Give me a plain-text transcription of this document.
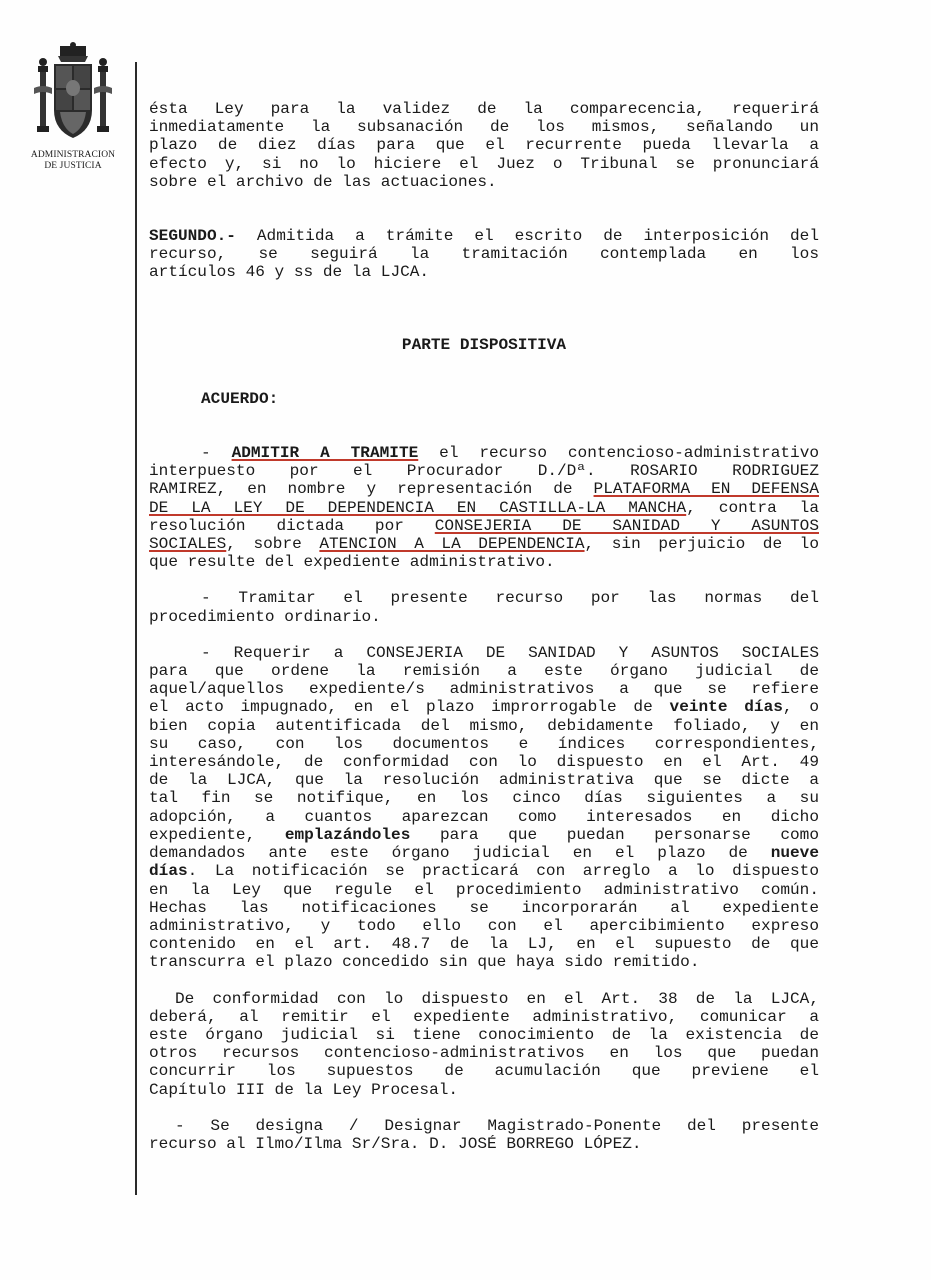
ADMINISTRACION
DE JUSTICIA
ésta Ley para la validez de la comparecencia, requerirá
inmediatamente la subsanación de los mismos, señalando un
plazo de diez días para que el recurrente pueda llevarla a
efecto y, si no lo hiciere el Juez o Tribunal se pronunciará
sobre el archivo de las actuaciones.
SEGUNDO.- Admitida a trámite el escrito de interposición del
recurso, se seguirá la tramitación contemplada en los
artículos 46 y ss de la LJCA.
PARTE DISPOSITIVA
ACUERDO:
- ADMITIR A TRAMITE el recurso contencioso-administrativo
interpuesto por el Procurador D./Dª. ROSARIO RODRIGUEZ
RAMIREZ, en nombre y representación de PLATAFORMA EN DEFENSA
DE LA LEY DE DEPENDENCIA EN CASTILLA-LA MANCHA, contra la
resolución dictada por CONSEJERIA DE SANIDAD Y ASUNTOS
SOCIALES, sobre ATENCION A LA DEPENDENCIA, sin perjuicio de lo
que resulte del expediente administrativo.
- Tramitar el presente recurso por las normas del
procedimiento ordinario.
- Requerir a CONSEJERIA DE SANIDAD Y ASUNTOS SOCIALES
para que ordene la remisión a este órgano judicial de
aquel/aquellos expediente/s administrativos a que se refiere
el acto impugnado, en el plazo improrrogable de veinte días, o
bien copia autentificada del mismo, debidamente foliado, y en
su caso, con los documentos e índices correspondientes,
interesándole, de conformidad con lo dispuesto en el Art. 49
de la LJCA, que la resolución administrativa que se dicte a
tal fin se notifique, en los cinco días siguientes a su
adopción, a cuantos aparezcan como interesados en dicho
expediente, emplazándoles para que puedan personarse como
demandados ante este órgano judicial en el plazo de nueve
días. La notificación se practicará con arreglo a lo dispuesto
en la Ley que regule el procedimiento administrativo común.
Hechas las notificaciones se incorporarán al expediente
administrativo, y todo ello con el apercibimiento expreso
contenido en el art. 48.7 de la LJ, en el supuesto de que
transcurra el plazo concedido sin que haya sido remitido.
De conformidad con lo dispuesto en el Art. 38 de la LJCA,
deberá, al remitir el expediente administrativo, comunicar a
este órgano judicial si tiene conocimiento de la existencia de
otros recursos contencioso-administrativos en los que puedan
concurrir los supuestos de acumulación que previene el
Capítulo III de la Ley Procesal.
- Se designa / Designar Magistrado-Ponente del presente
recurso al Ilmo/Ilma Sr/Sra. D. JOSÉ BORREGO LÓPEZ.
